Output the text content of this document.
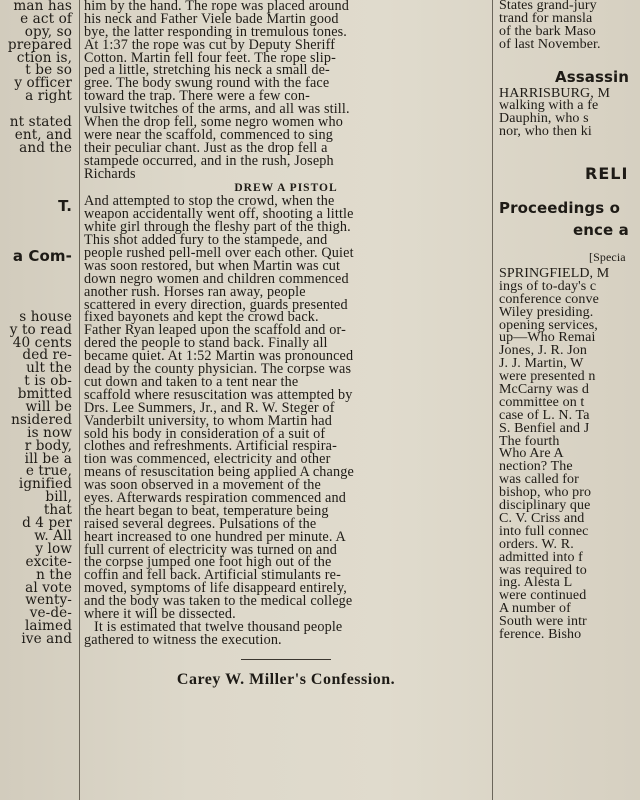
man has
e act of
opy, so
prepared
ction is,
t be so
y officer
a right
nt stated
ent, and
and the
T.
a Com-
s house
y to read
40 cents
ded re-
ult the
t is ob-
bmitted
will be
nsidered
is now
r body,
ill be a
e true,
ignified
bill,
that
d 4 per
w. All
y low
excite-
n the
al vote
wenty-
ve-de-
laimed
ive and
him by the hand. The rope was placed around
his neck and Father Viele bade Martin good
bye, the latter responding in tremulous tones.
At 1:37 the rope was cut by Deputy Sheriff
Cotton. Martin fell four feet. The rope slip-
ped a little, stretching his neck a small de-
gree. The body swung round with the face
toward the trap. There were a few con-
vulsive twitches of the arms, and all was still.
When the drop fell, some negro women who
were near the scaffold, commenced to sing
their peculiar chant. Just as the drop fell a
stampede occurred, and in the rush, Joseph
Richards
DREW A PISTOL
And attempted to stop the crowd, when the
weapon accidentally went off, shooting a little
white girl through the fleshy part of the thigh.
This shot added fury to the stampede, and
people rushed pell-mell over each other. Quiet
was soon restored, but when Martin was cut
down negro women and children commenced
another rush. Horses ran away, people
scattered in every direction, guards presented
fixed bayonets and kept the crowd back.
Father Ryan leaped upon the scaffold and or-
dered the people to stand back. Finally all
became quiet. At 1:52 Martin was pronounced
dead by the county physician. The corpse was
cut down and taken to a tent near the
scaffold where resuscitation was attempted by
Drs. Lee Summers, Jr., and R. W. Steger of
Vanderbilt university, to whom Martin had
sold his body in consideration of a suit of
clothes and refreshments. Artificial respira-
tion was commenced, electricity and other
means of resuscitation being applied A change
was soon observed in a movement of the
eyes. Afterwards respiration commenced and
the heart began to beat, temperature being
raised several degrees. Pulsations of the
heart increased to one hundred per minute. A
full current of electricity was turned on and
the corpse jumped one foot high out of the
coffin and fell back. Artificial stimulants re-
moved, symptoms of life disappeard entirely,
and the body was taken to the medical college
where it will be dissected.
It is estimated that twelve thousand people
gathered to witness the execution.
Carey W. Miller's Confession.
States grand-jury
trand for mansla
of the bark Maso
of last November.
Assassin
HARRISBURG, M
walking with a fe
Dauphin, who s
nor, who then ki
RELI
Proceedings o
ence a
[Specia
SPRINGFIELD, M
ings of to-day's c
conference conve
Wiley presiding.
opening services,
up—Who Remai
Jones, J. R. Jon
J. J. Martin, W
were presented n
McCarny was d
committee on t
case of L. N. Ta
S. Benfiel and J
The fourth
Who Are A
nection? The
was called for
bishop, who pro
disciplinary que
C. V. Criss and
into full connec
orders. W. R.
admitted into f
was required to
ing. Alesta L
were continued
A number of
South were intr
ference. Bisho
